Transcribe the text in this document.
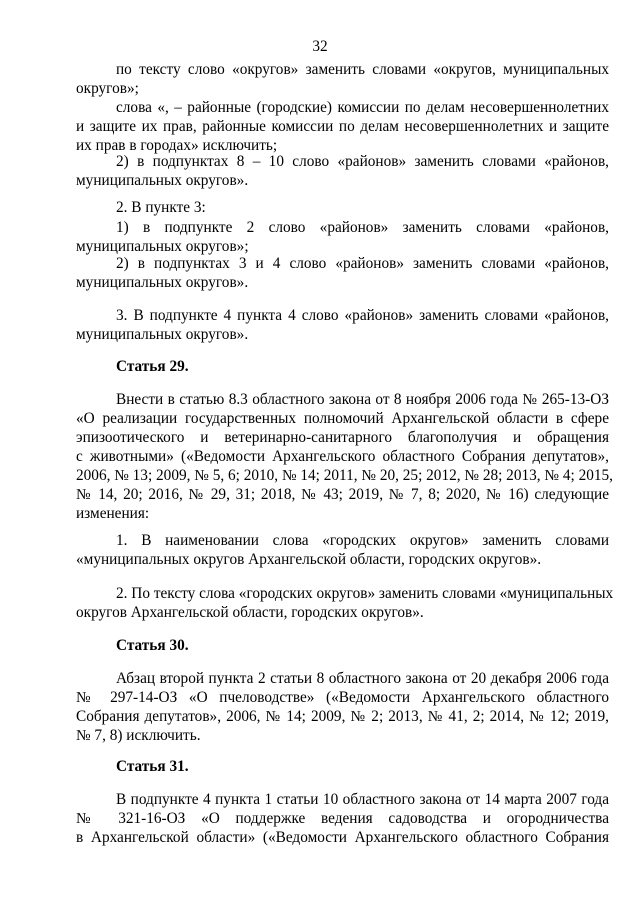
32
по тексту слово «округов» заменить словами «округов, муниципальных
округов»;
слова «, – районные (городские) комиссии по делам несовершеннолетних
и защите их прав, районные комиссии по делам несовершеннолетних и защите
их прав в городах» исключить;
2) в подпунктах 8 – 10 слово «районов» заменить словами «районов,
муниципальных округов».
2. В пункте 3:
1) в подпункте 2 слово «районов» заменить словами «районов,
муниципальных округов»;
2) в подпунктах 3 и 4 слово «районов» заменить словами «районов,
муниципальных округов».
3. В подпункте 4 пункта 4 слово «районов» заменить словами «районов,
муниципальных округов».
Статья 29.
Внести в статью 8.3 областного закона от 8 ноября 2006 года № 265-13-ОЗ
«О реализации государственных полномочий Архангельской области в сфере
эпизоотического и ветеринарно-санитарного благополучия и обращения
с животными» («Ведомости Архангельского областного Собрания депутатов»,
2006, № 13; 2009, № 5, 6; 2010, № 14; 2011, № 20, 25; 2012, № 28; 2013, № 4; 2015,
№ 14, 20; 2016, № 29, 31; 2018, № 43; 2019, № 7, 8; 2020, № 16) следующие
изменения:
1. В наименовании слова «городских округов» заменить словами
«муниципальных округов Архангельской области, городских округов».
2. По тексту слова «городских округов» заменить словами «муниципальных
округов Архангельской области, городских округов».
Статья 30.
Абзац второй пункта 2 статьи 8 областного закона от 20 декабря 2006 года
№ 297-14-ОЗ «О пчеловодстве» («Ведомости Архангельского областного
Собрания депутатов», 2006, № 14; 2009, № 2; 2013, № 41, 2; 2014, № 12; 2019,
№ 7, 8) исключить.
Статья 31.
В подпункте 4 пункта 1 статьи 10 областного закона от 14 марта 2007 года
№ 321-16-ОЗ «О поддержке ведения садоводства и огородничества
в Архангельской области» («Ведомости Архангельского областного Собрания
